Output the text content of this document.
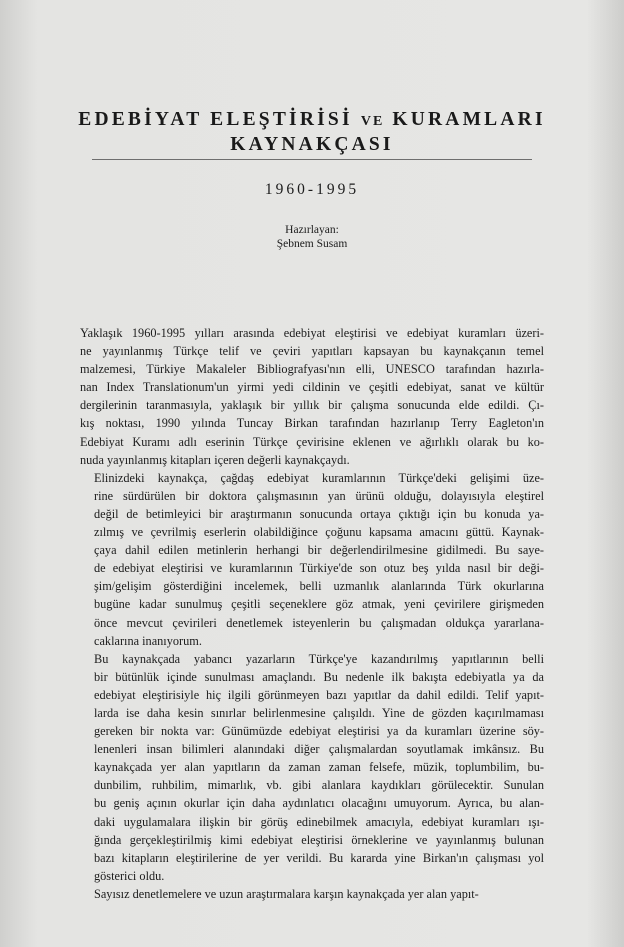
EDEBİYAT ELEŞTİRİSİ VE KURAMLARI
KAYNAKÇASI
1960-1995
Hazırlayan:
Şebnem Susam

Yaklaşık 1960-1995 yılları arasında edebiyat eleştirisi ve edebiyat kuramları üzeri-
ne yayınlanmış Türkçe telif ve çeviri yapıtları kapsayan bu kaynakçanın temel
malzemesi, Türkiye Makaleler Bibliografyası'nın elli, UNESCO tarafından hazırla-
nan Index Translationum'un yirmi yedi cildinin ve çeşitli edebiyat, sanat ve kültür
dergilerinin taranmasıyla, yaklaşık bir yıllık bir çalışma sonucunda elde edildi. Çı-
kış noktası, 1990 yılında Tuncay Birkan tarafından hazırlanıp Terry Eagleton'ın
Edebiyat Kuramı adlı eserinin Türkçe çevirisine eklenen ve ağırlıklı olarak bu ko-
nuda yayınlanmış kitapları içeren değerli kaynakçaydı.

Elinizdeki kaynakça, çağdaş edebiyat kuramlarının Türkçe'deki gelişimi üze-
rine sürdürülen bir doktora çalışmasının yan ürünü olduğu, dolayısıyla eleştirel
değil de betimleyici bir araştırmanın sonucunda ortaya çıktığı için bu konuda ya-
zılmış ve çevrilmiş eserlerin olabildiğince çoğunu kapsama amacını güttü. Kaynak-
çaya dahil edilen metinlerin herhangi bir değerlendirilmesine gidilmedi. Bu saye-
de edebiyat eleştirisi ve kuramlarının Türkiye'de son otuz beş yılda nasıl bir deği-
şim/gelişim gösterdiğini incelemek, belli uzmanlık alanlarında Türk okurlarına
bugüne kadar sunulmuş çeşitli seçeneklere göz atmak, yeni çevirilere girişmeden
önce mevcut çevirileri denetlemek isteyenlerin bu çalışmadan oldukça yararlana-
caklarına inanıyorum.

Bu kaynakçada yabancı yazarların Türkçe'ye kazandırılmış yapıtlarının belli
bir bütünlük içinde sunulması amaçlandı. Bu nedenle ilk bakışta edebiyatla ya da
edebiyat eleştirisiyle hiç ilgili görünmeyen bazı yapıtlar da dahil edildi. Telif yapıt-
larda ise daha kesin sınırlar belirlenmesine çalışıldı. Yine de gözden kaçırılmaması
gereken bir nokta var: Günümüzde edebiyat eleştirisi ya da kuramları üzerine söy-
lenenleri insan bilimleri alanındaki diğer çalışmalardan soyutlamak imkânsız. Bu
kaynakçada yer alan yapıtların da zaman zaman felsefe, müzik, toplumbilim, bu-
dunbilim, ruhbilim, mimarlık, vb. gibi alanlara kaydıkları görülecektir. Sunulan
bu geniş açının okurlar için daha aydınlatıcı olacağını umuyorum. Ayrıca, bu alan-
daki uygulamalara ilişkin bir görüş edinebilmek amacıyla, edebiyat kuramları ışı-
ğında gerçekleştirilmiş kimi edebiyat eleştirisi örneklerine ve yayınlanmış bulunan
bazı kitapların eleştirilerine de yer verildi. Bu kararda yine Birkan'ın çalışması yol
gösterici oldu.

Sayısız denetlemelere ve uzun araştırmalara karşın kaynakçada yer alan yapıt-
